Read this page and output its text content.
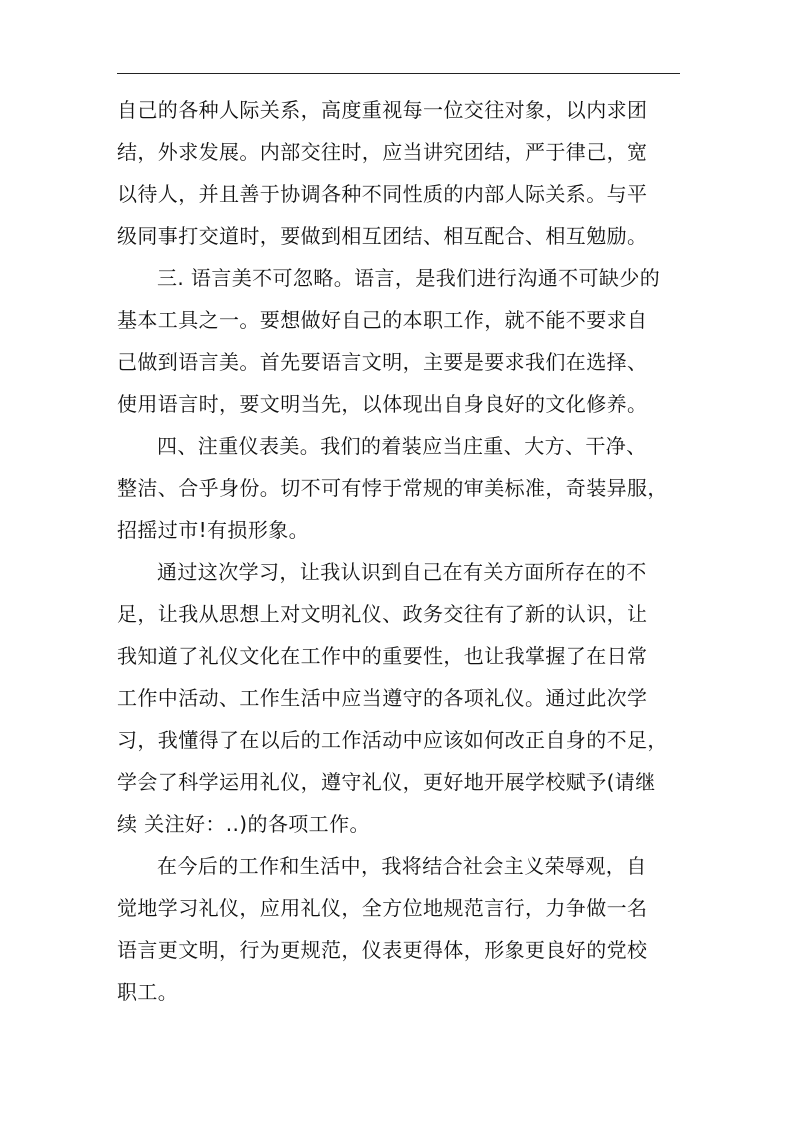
自己的各种人际关系，高度重视每一位交往对象，以内求团
结，外求发展。内部交往时，应当讲究团结，严于律己，宽
以待人，并且善于协调各种不同性质的内部人际关系。与平
级同事打交道时，要做到相互团结、相互配合、相互勉励。
三. 语言美不可忽略。语言，是我们进行沟通不可缺少的
基本工具之一。要想做好自己的本职工作，就不能不要求自
己做到语言美。首先要语言文明，主要是要求我们在选择、
使用语言时，要文明当先，以体现出自身良好的文化修养。
四、注重仪表美。我们的着装应当庄重、大方、干净、
整洁、合乎身份。切不可有悖于常规的审美标准，奇装异服，
招摇过市!有损形象。
通过这次学习，让我认识到自己在有关方面所存在的不
足，让我从思想上对文明礼仪、政务交往有了新的认识，让
我知道了礼仪文化在工作中的重要性，也让我掌握了在日常
工作中活动、工作生活中应当遵守的各项礼仪。通过此次学
习，我懂得了在以后的工作活动中应该如何改正自身的不足，
学会了科学运用礼仪，遵守礼仪，更好地开展学校赋予(请继
续 关注好：..)的各项工作。
在今后的工作和生活中，我将结合社会主义荣辱观，自
觉地学习礼仪，应用礼仪，全方位地规范言行，力争做一名
语言更文明，行为更规范，仪表更得体，形象更良好的党校
职工。
